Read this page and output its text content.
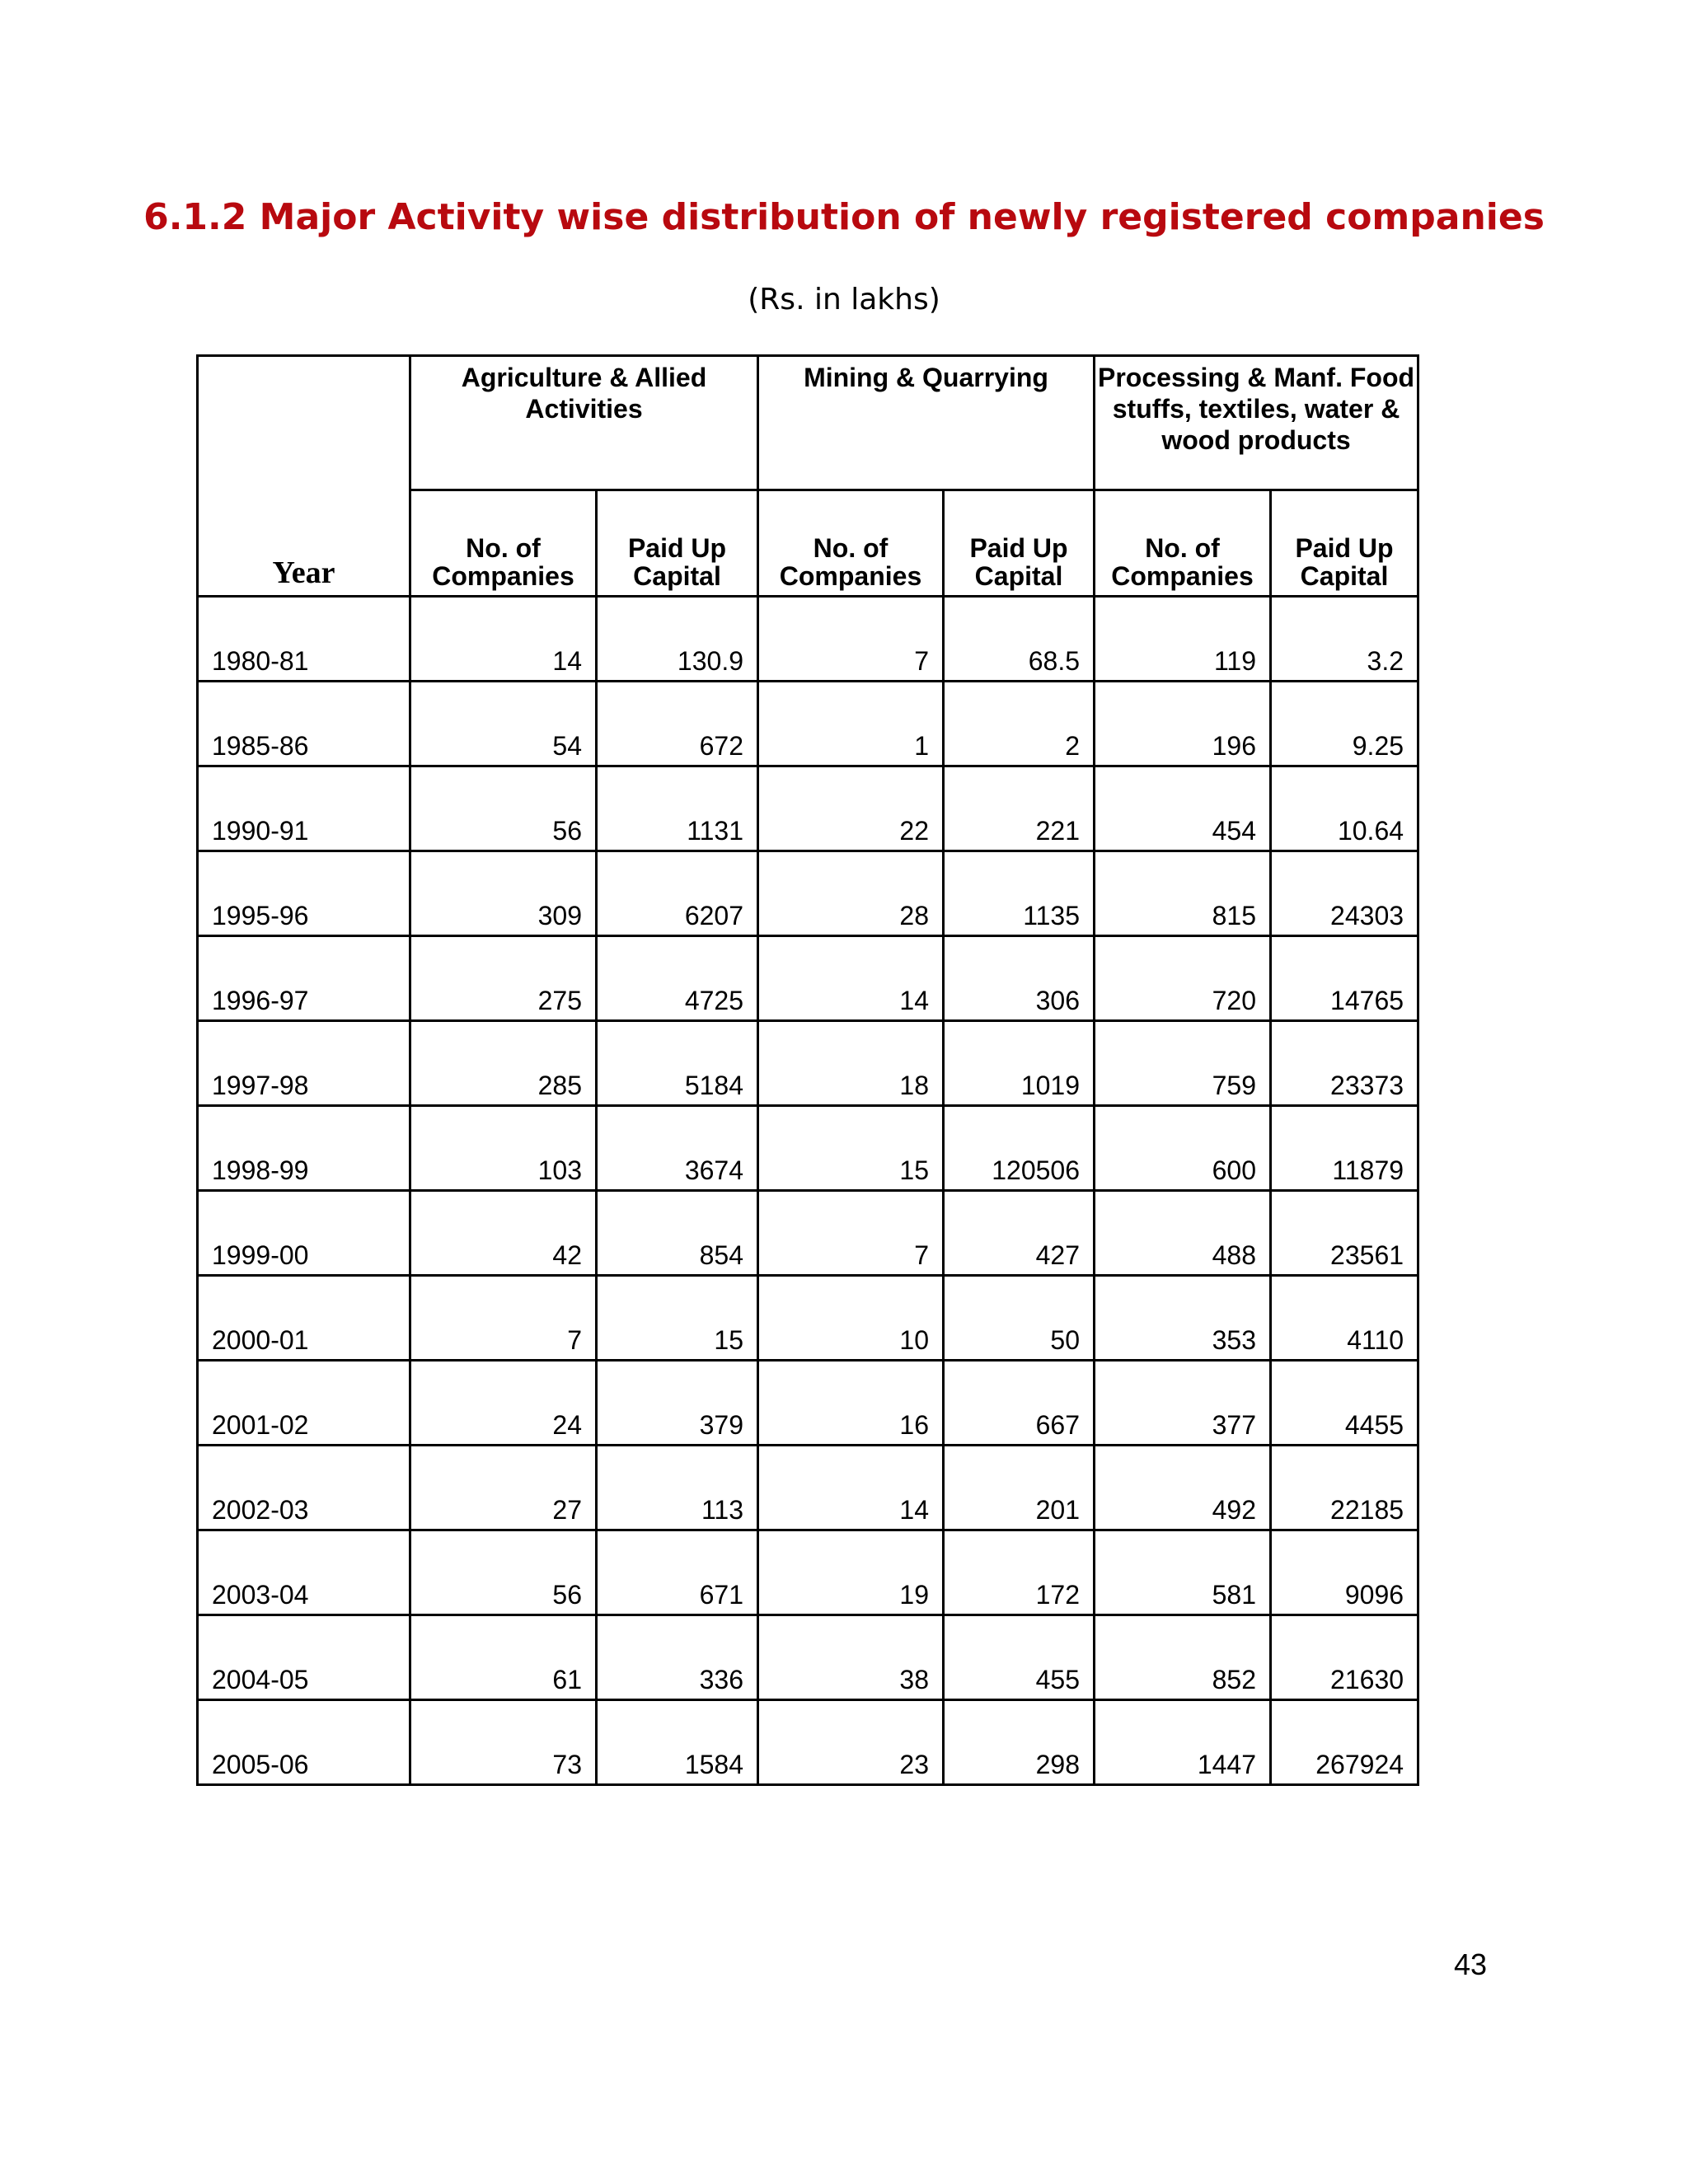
6.1.2 Major Activity wise distribution of newly registered companies
(Rs. in lakhs)
Year	Agriculture & Allied Activities		Mining & Quarrying		Processing & Manf. Food stuffs, textiles, water & wood products	
	No. of Companies	Paid Up Capital	No. of Companies	Paid Up Capital	No. of Companies	Paid Up Capital
1980-81	14	130.9	7	68.5	119	3.2
1985-86	54	672	1	2	196	9.25
1990-91	56	1131	22	221	454	10.64
1995-96	309	6207	28	1135	815	24303
1996-97	275	4725	14	306	720	14765
1997-98	285	5184	18	1019	759	23373
1998-99	103	3674	15	120506	600	11879
1999-00	42	854	7	427	488	23561
2000-01	7	15	10	50	353	4110
2001-02	24	379	16	667	377	4455
2002-03	27	113	14	201	492	22185
2003-04	56	671	19	172	581	9096
2004-05	61	336	38	455	852	21630
2005-06	73	1584	23	298	1447	267924
43
